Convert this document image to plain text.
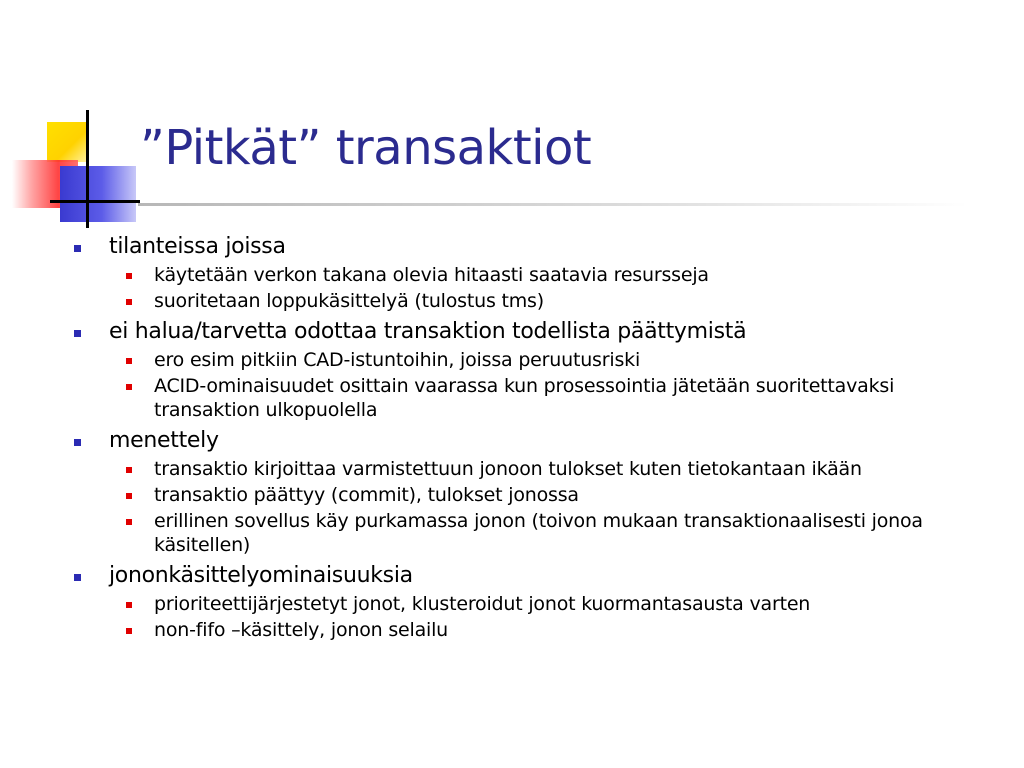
”Pitkät” transaktiot
tilanteissa joissa
käytetään verkon takana olevia hitaasti saatavia resursseja
suoritetaan loppukäsittelyä (tulostus tms)
ei halua/tarvetta odottaa transaktion todellista päättymistä
ero esim pitkiin CAD-istuntoihin, joissa peruutusriski
ACID-ominaisuudet osittain vaarassa kun prosessointia jätetään suoritettavaksi transaktion ulkopuolella
menettely
transaktio kirjoittaa varmistettuun jonoon tulokset kuten tietokantaan ikään
transaktio päättyy (commit), tulokset jonossa
erillinen sovellus käy purkamassa jonon (toivon mukaan transaktionaalisesti jonoa käsitellen)
jononkäsittelyominaisuuksia
prioriteettijärjestetyt jonot, klusteroidut jonot kuormantasausta varten
non-fifo –käsittely, jonon selailu
